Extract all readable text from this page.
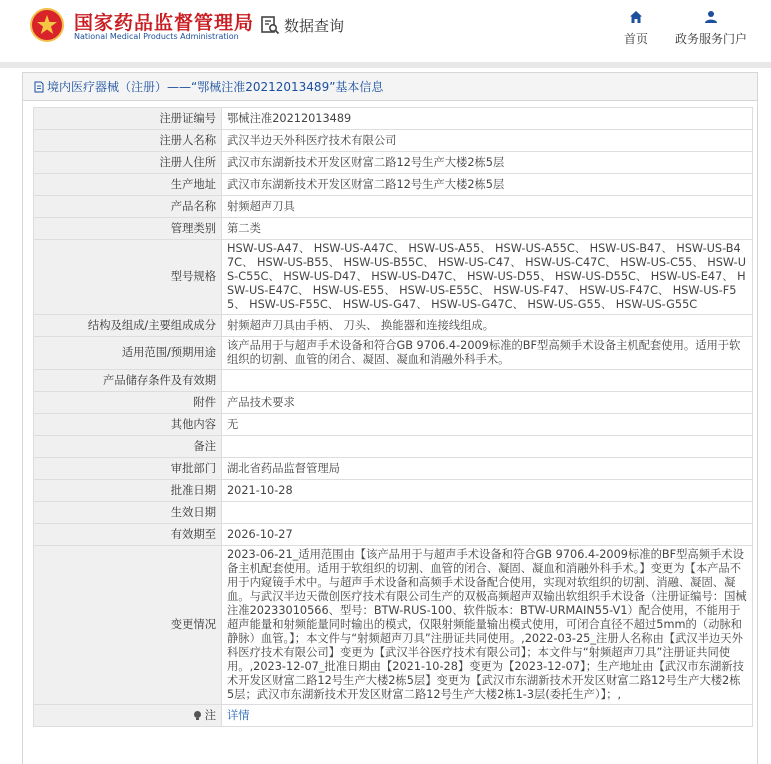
国家药品监督管理局
National Medical Products Administration
数据查询
首页	政务服务门户
境内医疗器械（注册）——“鄂械注准20212013489”基本信息
注册证编号	鄂械注准20212013489
注册人名称	武汉半边天外科医疗技术有限公司
注册人住所	武汉市东湖新技术开发区财富二路12号生产大楼2栋5层
生产地址	武汉市东湖新技术开发区财富二路12号生产大楼2栋5层
产品名称	射频超声刀具
管理类别	第二类
型号规格	HSW-US-A47、 HSW-US-A47C、 HSW-US-A55、 HSW-US-A55C、 HSW-US-B47、 HSW-US-B47C、 HSW-US-B55、 HSW-US-B55C、 HSW-US-C47、 HSW-US-C47C、 HSW-US-C55、 HSW-US-C55C、 HSW-US-D47、 HSW-US-D47C、 HSW-US-D55、 HSW-US-D55C、 HSW-US-E47、 HSW-US-E47C、 HSW-US-E55、 HSW-US-E55C、 HSW-US-F47、 HSW-US-F47C、 HSW-US-F55、 HSW-US-F55C、 HSW-US-G47、 HSW-US-G47C、 HSW-US-G55、 HSW-US-G55C
结构及组成/主要组成成分	射频超声刀具由手柄、 刀头、 换能器和连接线组成。
适用范围/预期用途	该产品用于与超声手术设备和符合GB 9706.4-2009标准的BF型高频手术设备主机配套使用。适用于软组织的切割、血管的闭合、凝固、凝血和消融外科手术。
产品储存条件及有效期	
附件	产品技术要求
其他内容	无
备注	
审批部门	湖北省药品监督管理局
批准日期	2021-10-28
生效日期	
有效期至	2026-10-27
变更情况	2023-06-21_适用范围由【该产品用于与超声手术设备和符合GB 9706.4-2009标准的BF型高频手术设备主机配套使用。适用于软组织的切割、血管的闭合、凝固、凝血和消融外科手术。】变更为【本产品不用于内窥镜手术中。与超声手术设备和高频手术设备配合使用，实现对软组织的切割、消融、凝固、凝血。与武汉半边天微创医疗技术有限公司生产的双极高频超声双输出软组织手术设备（注册证编号：国械注准20233010566、型号：BTW-RUS-100、软件版本：BTW-URMAIN55-V1）配合使用，不能用于超声能量和射频能量同时输出的模式，仅限射频能量输出模式使用，可闭合直径不超过5mm的（动脉和静脉）血管。】；本文件与“射频超声刀具”注册证共同使用。,2022-03-25_注册人名称由【武汉半边天外科医疗技术有限公司】变更为【武汉半谷医疗技术有限公司】；本文件与“射频超声刀具”注册证共同使用。,2023-12-07_批准日期由【2021-10-28】变更为【2023-12-07】；生产地址由【武汉市东湖新技术开发区财富二路12号生产大楼2栋5层】变更为【武汉市东湖新技术开发区财富二路12号生产大楼2栋5层；武汉市东湖新技术开发区财富二路12号生产大楼2栋1-3层(委托生产）】；,
注	详情
